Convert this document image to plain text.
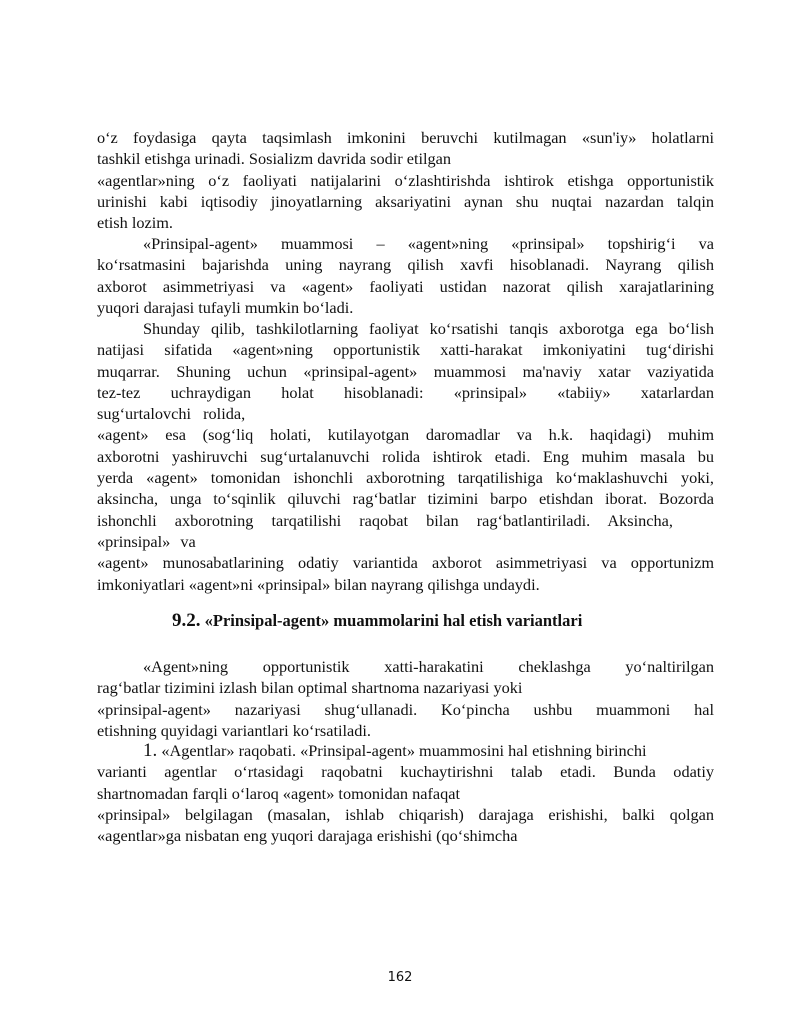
o‘z foydasiga qayta taqsimlash imkonini beruvchi kutilmagan «sun'iy» holatlarni
tashkil etishga urinadi. Sosializm davrida sodir etilgan
«agentlar»ning o‘z faoliyati natijalarini o‘zlashtirishda ishtirok etishga opportunistik
urinishi kabi iqtisodiy jinoyatlarning aksariyatini aynan shu nuqtai nazardan talqin
etish lozim.
«Prinsipal-agent» muammosi – «agent»ning «prinsipal» topshirig‘i va
ko‘rsatmasini bajarishda uning nayrang qilish xavfi hisoblanadi. Nayrang qilish
axborot asimmetriyasi va «agent» faoliyati ustidan nazorat qilish xarajatlarining
yuqori darajasi tufayli mumkin bo‘ladi.
Shunday qilib, tashkilotlarning faoliyat ko‘rsatishi tanqis axborotga ega bo‘lish
natijasi sifatida «agent»ning opportunistik xatti-harakat imkoniyatini tug‘dirishi
muqarrar. Shuning uchun «prinsipal-agent» muammosi ma'naviy xatar vaziyatida
tez-tez uchraydigan holat hisoblanadi: «prinsipal» «tabiiy» xatarlardan
sug‘urtalovchi rolida,
«agent» esa (sog‘liq holati, kutilayotgan daromadlar va h.k. haqidagi) muhim
axborotni yashiruvchi sug‘urtalanuvchi rolida ishtirok etadi. Eng muhim masala bu
yerda «agent» tomonidan ishonchli axborotning tarqatilishiga ko‘maklashuvchi yoki,
aksincha, unga to‘sqinlik qiluvchi rag‘batlar tizimini barpo etishdan iborat. Bozorda
ishonchli axborotning tarqatilishi raqobat bilan rag‘batlantiriladi. Aksincha,
«prinsipal» va
«agent» munosabatlarining odatiy variantida axborot asimmetriyasi va opportunizm
imkoniyatlari «agent»ni «prinsipal» bilan nayrang qilishga undaydi.
9.2. «Prinsipal-agent» muammolarini hal etish variantlari
«Agent»ning opportunistik xatti-harakatini cheklashga yo‘naltirilgan
rag‘batlar tizimini izlash bilan optimal shartnoma nazariyasi yoki
«prinsipal-agent» nazariyasi shug‘ullanadi. Ko‘pincha ushbu muammoni hal
etishning quyidagi variantlari ko‘rsatiladi.
1. «Agentlar» raqobati. «Prinsipal-agent» muammosini hal etishning birinchi
varianti agentlar o‘rtasidagi raqobatni kuchaytirishni talab etadi. Bunda odatiy
shartnomadan farqli o‘laroq «agent» tomonidan nafaqat
«prinsipal» belgilagan (masalan, ishlab chiqarish) darajaga erishishi, balki qolgan
«agentlar»ga nisbatan eng yuqori darajaga erishishi (qo‘shimcha
162
